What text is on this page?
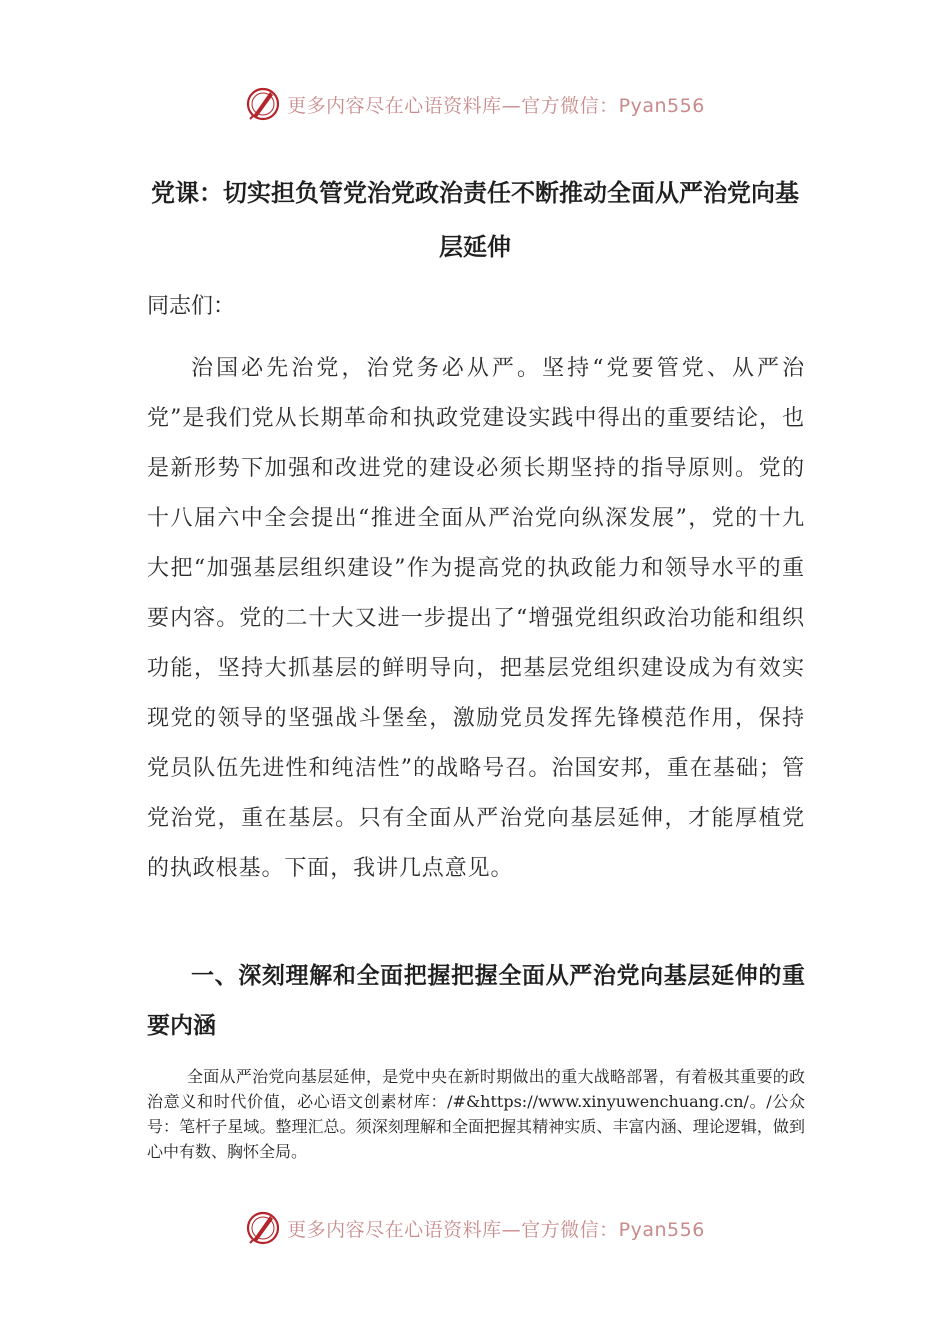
更多内容尽在心语资料库—官方微信：Pyan556
党课：切实担负管党治党政治责任不断推动全面从严治党向基层延伸
同志们：
治国必先治党，治党务必从严。坚持“党要管党、从严治党”是我们党从长期革命和执政党建设实践中得出的重要结论，也是新形势下加强和改进党的建设必须长期坚持的指导原则。党的十八届六中全会提出“推进全面从严治党向纵深发展”，党的十九大把“加强基层组织建设”作为提高党的执政能力和领导水平的重要内容。党的二十大又进一步提出了“增强党组织政治功能和组织功能，坚持大抓基层的鲜明导向，把基层党组织建设成为有效实现党的领导的坚强战斗堡垒，激励党员发挥先锋模范作用，保持党员队伍先进性和纯洁性”的战略号召。治国安邦，重在基础；管党治党，重在基层。只有全面从严治党向基层延伸，才能厚植党的执政根基。下面，我讲几点意见。
一、深刻理解和全面把握把握全面从严治党向基层延伸的重要内涵
全面从严治党向基层延伸，是党中央在新时期做出的重大战略部署，有着极其重要的政治意义和时代价值，必心语文创素材库：/#&https://www.xinyuwenchuang.cn/。/公众号：笔杆子星域。整理汇总。须深刻理解和全面把握其精神实质、丰富内涵、理论逻辑，做到心中有数、胸怀全局。
更多内容尽在心语资料库—官方微信：Pyan556
